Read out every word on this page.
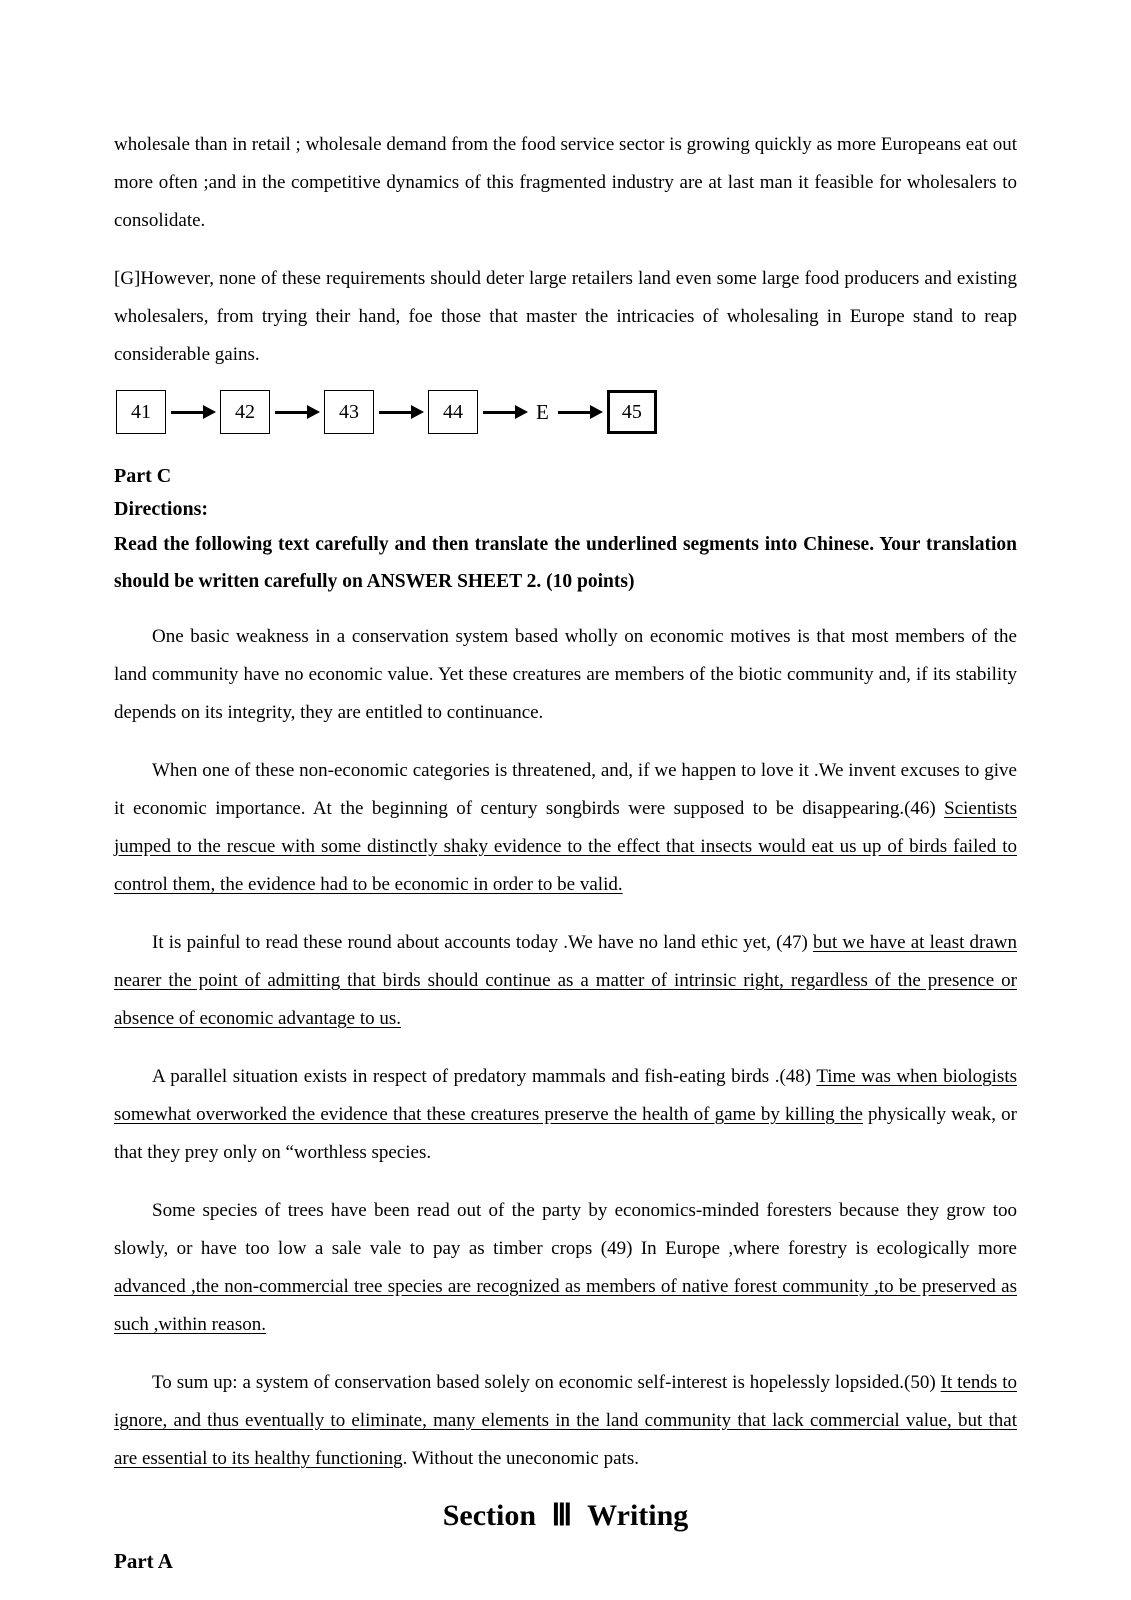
wholesale than in retail ; wholesale demand from the food service sector is growing quickly as more Europeans eat out more often ;and in the competitive dynamics of this fragmented industry are at last man it feasible for wholesalers to consolidate.

[G]However, none of these requirements should deter large retailers land even some large food producers and existing wholesalers, from trying their hand, foe those that master the intricacies of wholesaling in Europe stand to reap considerable gains.

41	42	43	44	E	45
Part C
Directions:

Read the following text carefully and then translate the underlined segments into Chinese. Your translation should be written carefully on ANSWER SHEET 2. (10 points)

One basic weakness in a conservation system based wholly on economic motives is that most members of the land community have no economic value. Yet these creatures are members of the biotic community and, if its stability depends on its integrity, they are entitled to continuance.

When one of these non-economic categories is threatened, and, if we happen to love it .We invent excuses to give it economic importance. At the beginning of century songbirds were supposed to be disappearing.(46) Scientists jumped to the rescue with some distinctly shaky evidence to the effect that insects would eat us up of birds failed to control them, the evidence had to be economic in order to be valid.

It is painful to read these round about accounts today .We have no land ethic yet, (47) but we have at least drawn nearer the point of admitting that birds should continue as a matter of intrinsic right, regardless of the presence or absence of economic advantage to us.

A parallel situation exists in respect of predatory mammals and fish-eating birds .(48) Time was when biologists somewhat overworked the evidence that these creatures preserve the health of game by killing the physically weak, or that they prey only on “worthless species.

Some species of trees have been read out of the party by economics-minded foresters because they grow too slowly, or have too low a sale vale to pay as timber crops (49) In Europe ,where forestry is ecologically more advanced ,the non-commercial tree species are recognized as members of native forest community ,to be preserved as such ,within reason.

To sum up: a system of conservation based solely on economic self-interest is hopelessly lopsided.(50) It tends to ignore, and thus eventually to eliminate, many elements in the land community that lack commercial value, but that are essential to its healthy functioning. Without the uneconomic pats.

Section Ⅲ Writing
Part A
